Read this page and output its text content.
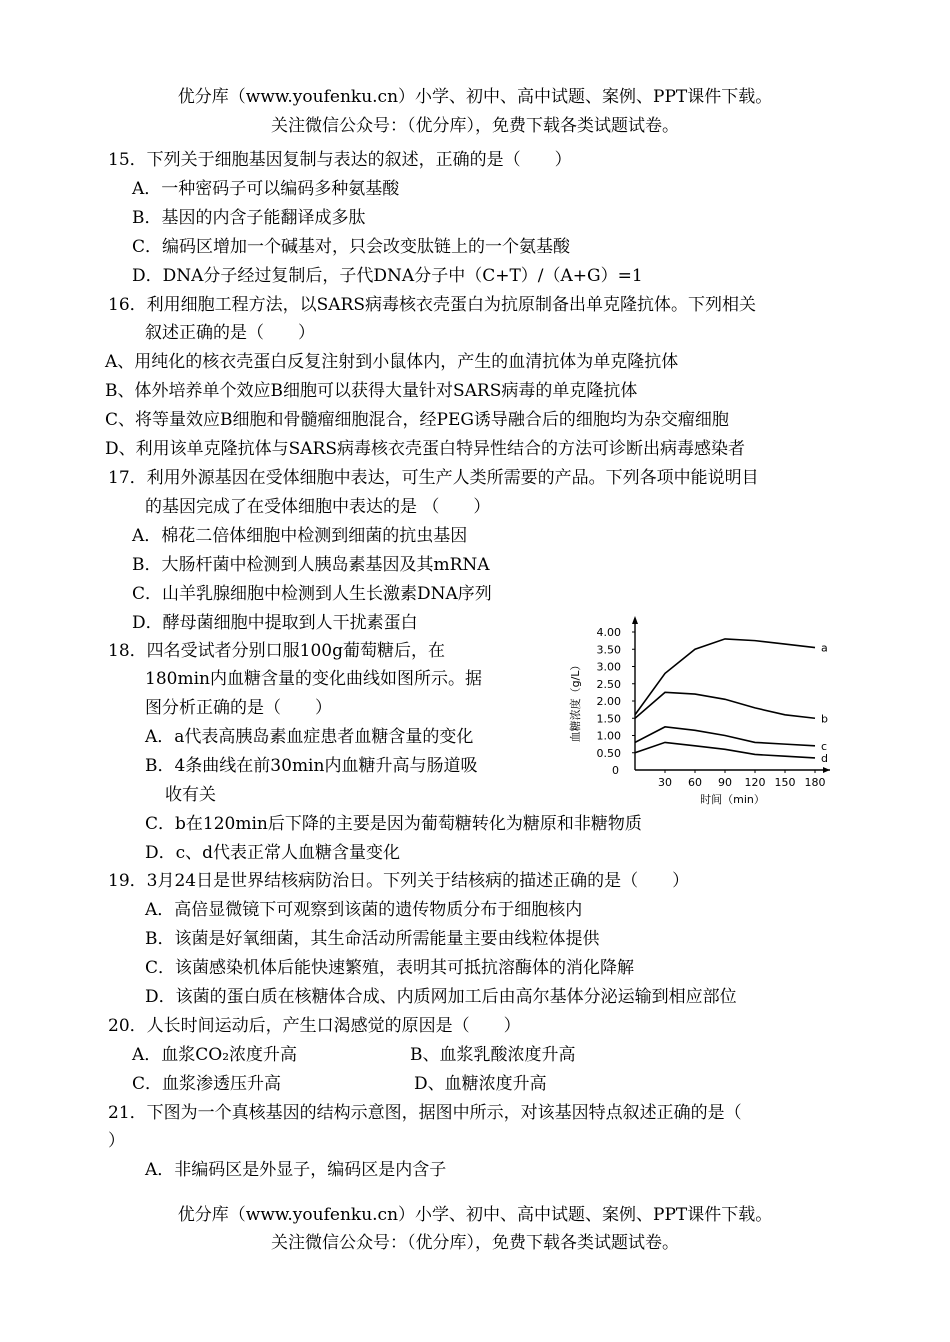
优分库（www.youfenku.cn）小学、初中、高中试题、案例、PPT课件下载。
关注微信公众号：（优分库），免费下载各类试题试卷。
15．下列关于细胞基因复制与表达的叙述，正确的是（　　）
A．一种密码子可以编码多种氨基酸
B．基因的内含子能翻译成多肽
C．编码区增加一个碱基对，只会改变肽链上的一个氨基酸
D．DNA分子经过复制后，子代DNA分子中（C+T）/（A+G）=1
16．利用细胞工程方法，以SARS病毒核衣壳蛋白为抗原制备出单克隆抗体。下列相关
叙述正确的是（　　）
A、用纯化的核衣壳蛋白反复注射到小鼠体内，产生的血清抗体为单克隆抗体
B、体外培养单个效应B细胞可以获得大量针对SARS病毒的单克隆抗体
C、将等量效应B细胞和骨髓瘤细胞混合，经PEG诱导融合后的细胞均为杂交瘤细胞
D、利用该单克隆抗体与SARS病毒核衣壳蛋白特异性结合的方法可诊断出病毒感染者
17．利用外源基因在受体细胞中表达，可生产人类所需要的产品。下列各项中能说明目
的基因完成了在受体细胞中表达的是 （　　）
A．棉花二倍体细胞中检测到细菌的抗虫基因
B．大肠杆菌中检测到人胰岛素基因及其mRNA
C．山羊乳腺细胞中检测到人生长激素DNA序列
D．酵母菌细胞中提取到人干扰素蛋白
18．四名受试者分别口服100g葡萄糖后，在
180min内血糖含量的变化曲线如图所示。据
图分析正确的是（　　）
A．a代表高胰岛素血症患者血糖含量的变化
B．4条曲线在前30min内血糖升高与肠道吸
收有关
C．b在120min后下降的主要是因为葡萄糖转化为糖原和非糖物质
D．c、d代表正常人血糖含量变化
0.50
1.00
1.50
2.00
2.50
3.00
3.50
4.00
0
30 60 90 120 150 180
时间（min）
血糖浓度（g/L）
a
b
c
d
19．3月24日是世界结核病防治日。下列关于结核病的描述正确的是（　　）
A．高倍显微镜下可观察到该菌的遗传物质分布于细胞核内
B．该菌是好氧细菌，其生命活动所需能量主要由线粒体提供
C．该菌感染机体后能快速繁殖，表明其可抵抗溶酶体的消化降解
D．该菌的蛋白质在核糖体合成、内质网加工后由高尔基体分泌运输到相应部位
20．人长时间运动后，产生口渴感觉的原因是（　　）
A．血浆CO₂浓度升高	B、血浆乳酸浓度升高
C．血浆渗透压升高	D、血糖浓度升高
21．下图为一个真核基因的结构示意图，据图中所示，对该基因特点叙述正确的是（
）
A．非编码区是外显子，编码区是内含子
优分库（www.youfenku.cn）小学、初中、高中试题、案例、PPT课件下载。
关注微信公众号：（优分库），免费下载各类试题试卷。
